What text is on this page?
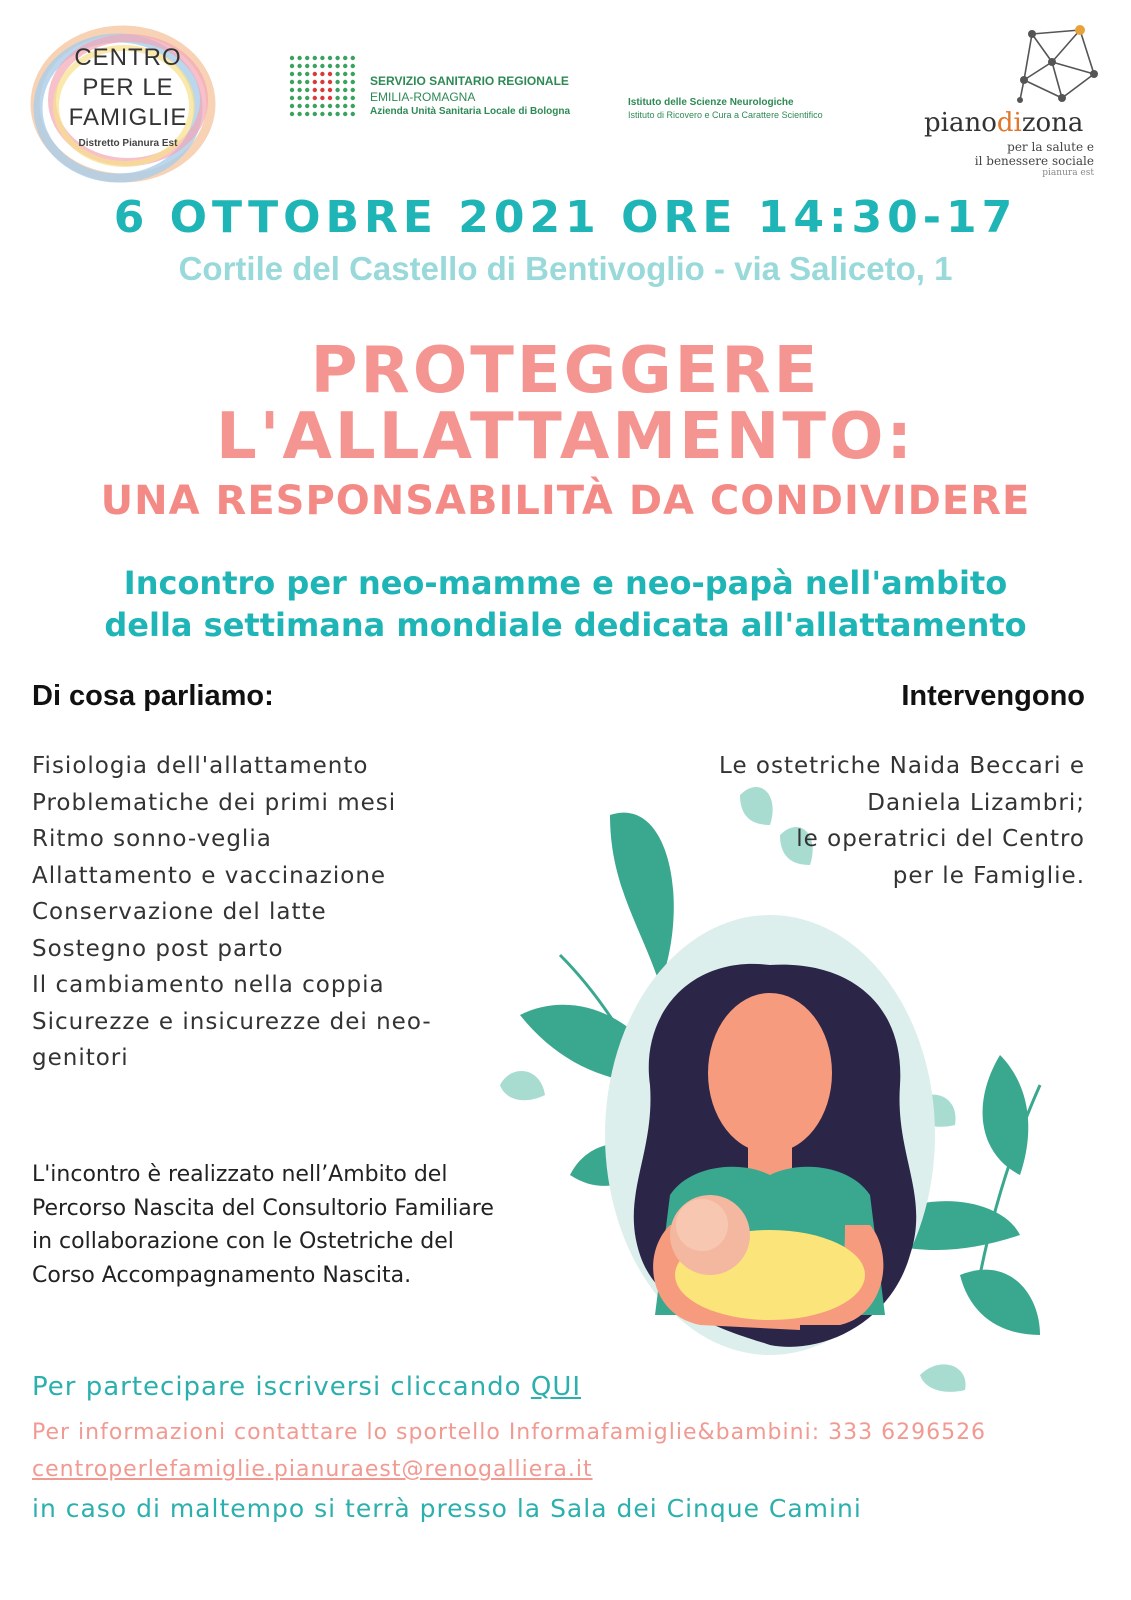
CENTRO
PER LE
FAMIGLIE
Distretto Pianura Est
SERVIZIO SANITARIO REGIONALE
EMILIA-ROMAGNA
Azienda Unità Sanitaria Locale di Bologna
Istituto delle Scienze Neurologiche
Istituto di Ricovero e Cura a Carattere Scientifico	pianodizona
per la salute e
il benessere sociale
pianura est
6 OTTOBRE 2021 ORE 14:30-17
Cortile del Castello di Bentivoglio - via Saliceto, 1
PROTEGGERE
L'ALLATTAMENTO:
UNA RESPONSABILITÀ DA CONDIVIDERE
Incontro per neo-mamme e neo-papà nell'ambito
della settimana mondiale dedicata all'allattamento
Di cosa parliamo:	Intervengono
Fisiologia dell'allattamento
Problematiche dei primi mesi
Ritmo sonno-veglia
Allattamento e vaccinazione
Conservazione del latte
Sostegno post parto
Il cambiamento nella coppia
Sicurezze e insicurezze dei neo-
genitori
Le ostetriche Naida Beccari e
Daniela Lizambri;
le operatrici del Centro
per le Famiglie.
L'incontro è realizzato nell’Ambito del
Percorso Nascita del Consultorio Familiare
in collaborazione con le Ostetriche del
Corso Accompagnamento Nascita.
Per partecipare iscriversi cliccando QUI
Per informazioni contattare lo sportello Informafamiglie&bambini: 333 6296526
centroperlefamiglie.pianuraest@renogalliera.it
in caso di maltempo si terrà presso la Sala dei Cinque Camini
